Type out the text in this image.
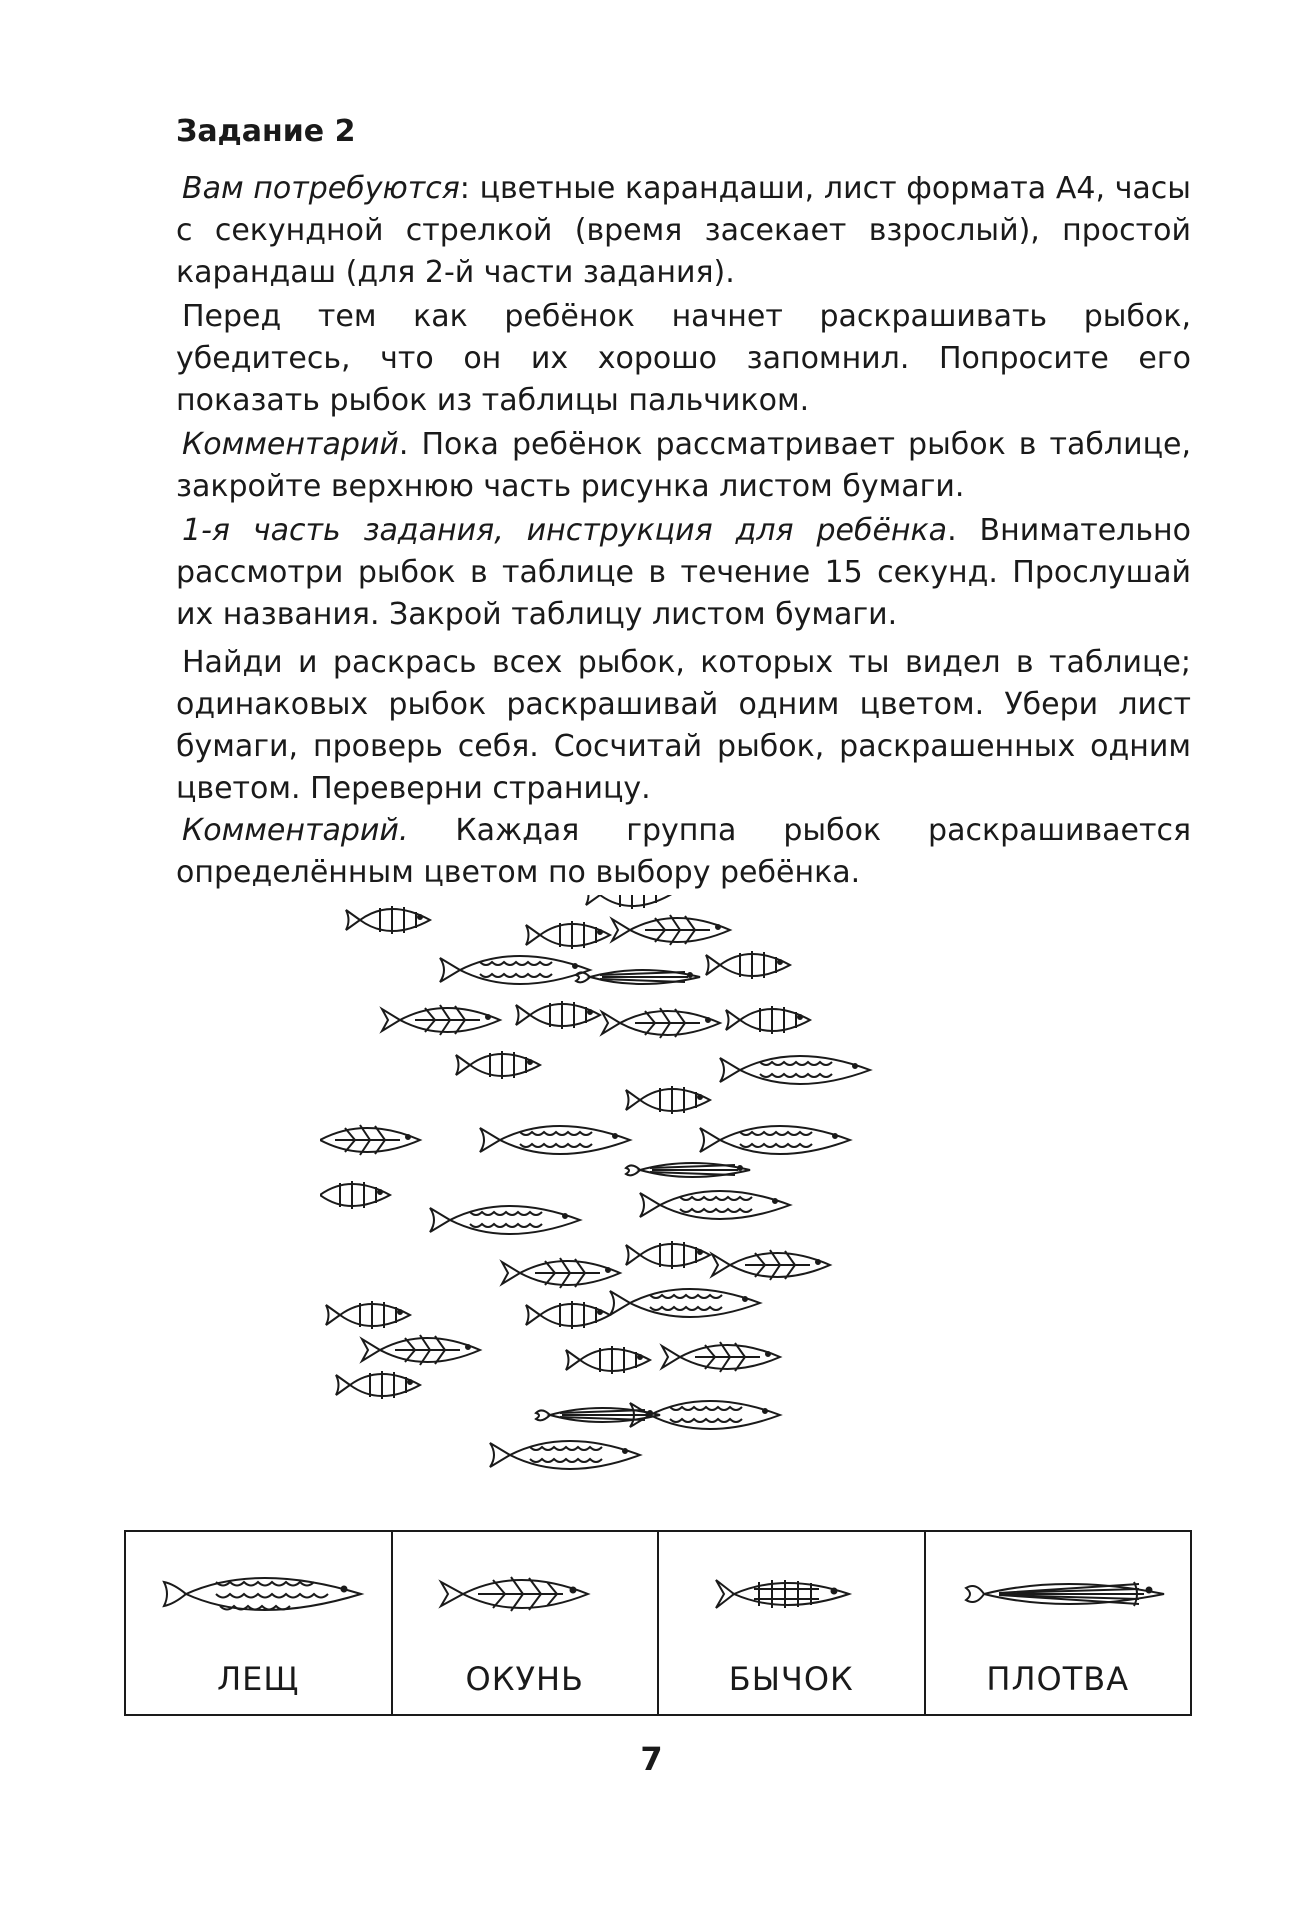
Задание 2

Вам потребуются: цветные карандаши, лист формата А4, часы с секундной стрелкой (время засекает взрослый), простой карандаш (для 2-й части задания).

Перед тем как ребёнок начнет раскрашивать рыбок, убедитесь, что он их хорошо запомнил. Попросите его показать рыбок из таблицы пальчиком.

Комментарий. Пока ребёнок рассматривает рыбок в таблице, закройте верхнюю часть рисунка листом бумаги.

1-я часть задания, инструкция для ребёнка. Внимательно рассмотри рыбок в таблице в течение 15 секунд. Прослушай их названия. Закрой таблицу листом бумаги.

Найди и раскрась всех рыбок, которых ты видел в таблице; одинаковых рыбок раскрашивай одним цветом. Убери лист бумаги, проверь себя. Сосчитай рыбок, раскрашенных одним цветом. Переверни страницу.

Комментарий. Каждая группа рыбок раскрашивается определённым цветом по выбору ребёнка.

ЛЕЩ	ОКУНЬ	БЫЧОК	ПЛОТВА
7
